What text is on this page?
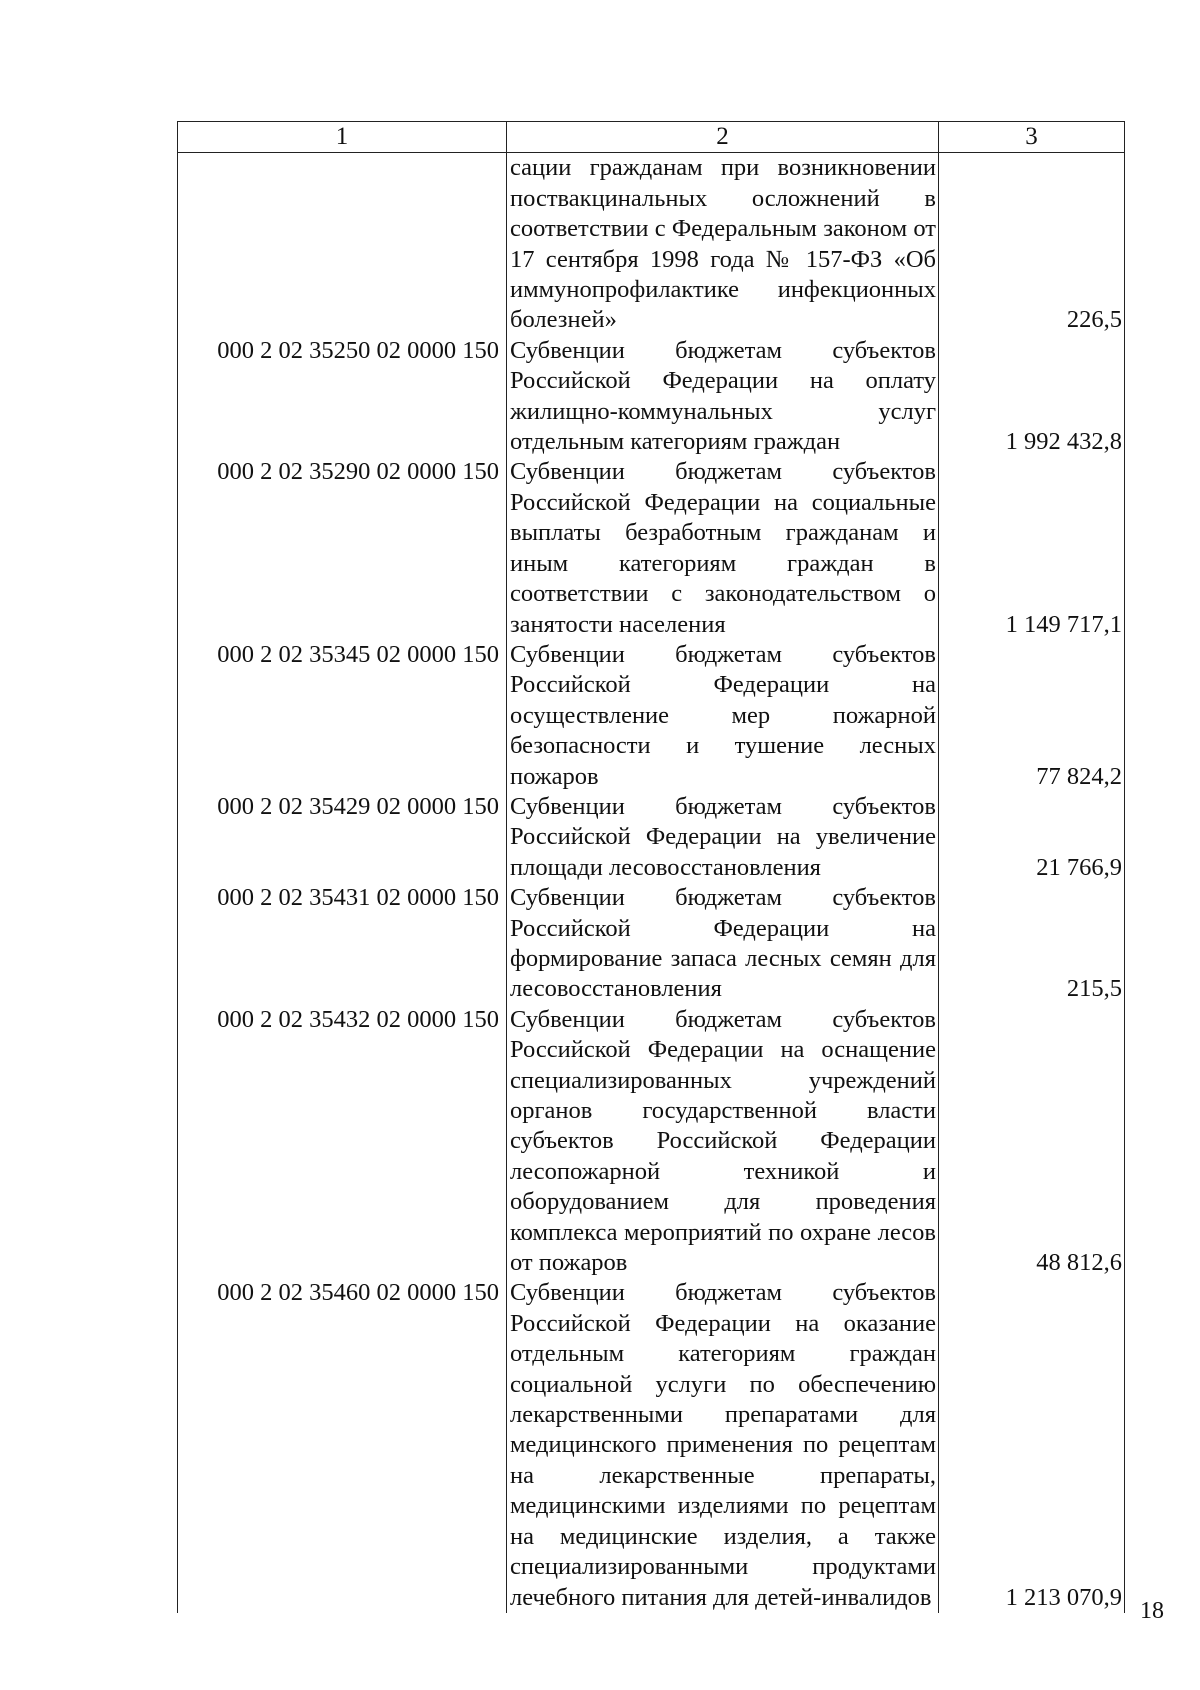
1	2	3
	сации гражданам при возникновении поствакцинальных осложнений в соответствии с Федеральным законом от 17 сентября 1998 года № 157-ФЗ «Об иммунопрофилактике инфекционных болезней»	226,5
000 2 02 35250 02 0000 150	Субвенции бюджетам субъектов Российской Федерации на оплату жилищно-коммунальных услуг отдельным категориям граждан	1 992 432,8
000 2 02 35290 02 0000 150	Субвенции бюджетам субъектов Российской Федерации на социальные выплаты безработным гражданам и иным категориям граждан в соответствии с законодательством о занятости населения	1 149 717,1
000 2 02 35345 02 0000 150	Субвенции бюджетам субъектов Российской Федерации на осуществление мер пожарной безопасности и тушение лесных пожаров	77 824,2
000 2 02 35429 02 0000 150	Субвенции бюджетам субъектов Российской Федерации на увеличение площади лесовосстановления	21 766,9
000 2 02 35431 02 0000 150	Субвенции бюджетам субъектов Российской Федерации на формирование запаса лесных семян для лесовосстановления	215,5
000 2 02 35432 02 0000 150	Субвенции бюджетам субъектов Российской Федерации на оснащение специализированных учреждений органов государственной власти субъектов Российской Федерации лесопожарной техникой и оборудованием для проведения комплекса мероприятий по охране лесов от пожаров	48 812,6
000 2 02 35460 02 0000 150	Субвенции бюджетам субъектов Российской Федерации на оказание отдельным категориям граждан социальной услуги по обеспечению лекарственными препаратами для медицинского применения по рецептам на лекарственные препараты, медицинскими изделиями по рецептам на медицинские изделия, а также специализированными продуктами лечебного питания для детей-инвалидов	1 213 070,9
18
